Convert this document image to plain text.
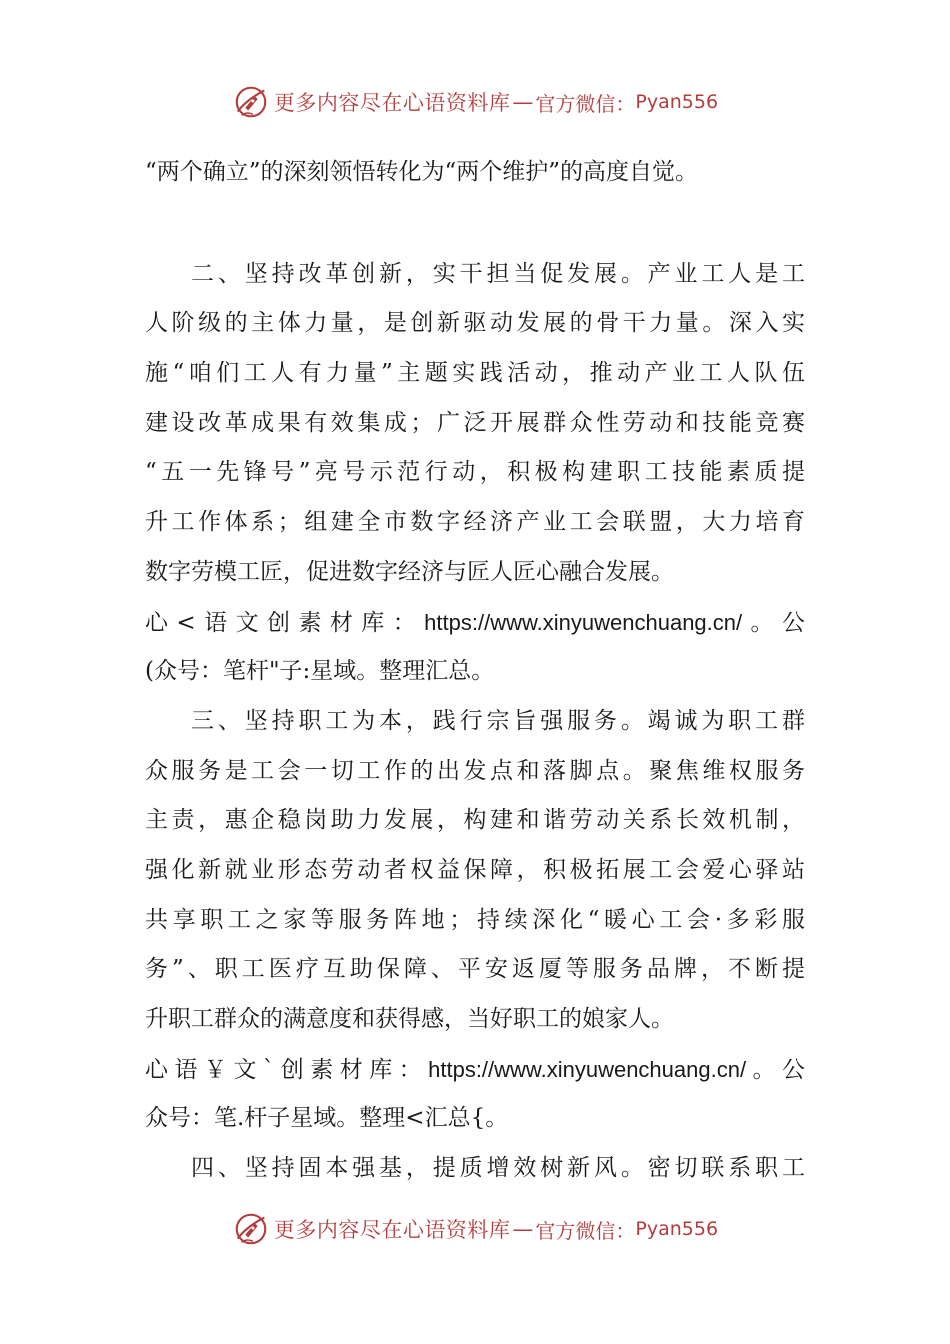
更多内容尽在心语资料库 — 官方微信： Pyan556
“两个确立”的深刻领悟转化为“两个维护”的高度自觉。
二、坚持改革创新，实干担当促发展。产业工人是工
人阶级的主体力量，是创新驱动发展的骨干力量。深入实
施“咱们工人有力量”主题实践活动，推动产业工人队伍
建设改革成果有效集成；广泛开展群众性劳动和技能竞赛
“五一先锋号”亮号示范行动，积极构建职工技能素质提
升工作体系；组建全市数字经济产业工会联盟，大力培育
数字劳模工匠，促进数字经济与匠人匠心融合发展。
心<语文创素材库：https://www.xinyuwenchuang.cn/。公
(众号：笔杆"子:星域。整理汇总。
三、坚持职工为本，践行宗旨强服务。竭诚为职工群
众服务是工会一切工作的出发点和落脚点。聚焦维权服务
主责，惠企稳岗助力发展，构建和谐劳动关系长效机制，
强化新就业形态劳动者权益保障，积极拓展工会爱心驿站
共享职工之家等服务阵地；持续深化“暖心工会·多彩服
务”、职工医疗互助保障、平安返厦等服务品牌，不断提
升职工群众的满意度和获得感，当好职工的娘家人。
心语￥文`创素材库：https://www.xinyuwenchuang.cn/。公
众号：笔.杆子星域。整理<汇总{。
四、坚持固本强基，提质增效树新风。密切联系职工
更多内容尽在心语资料库 — 官方微信： Pyan556
